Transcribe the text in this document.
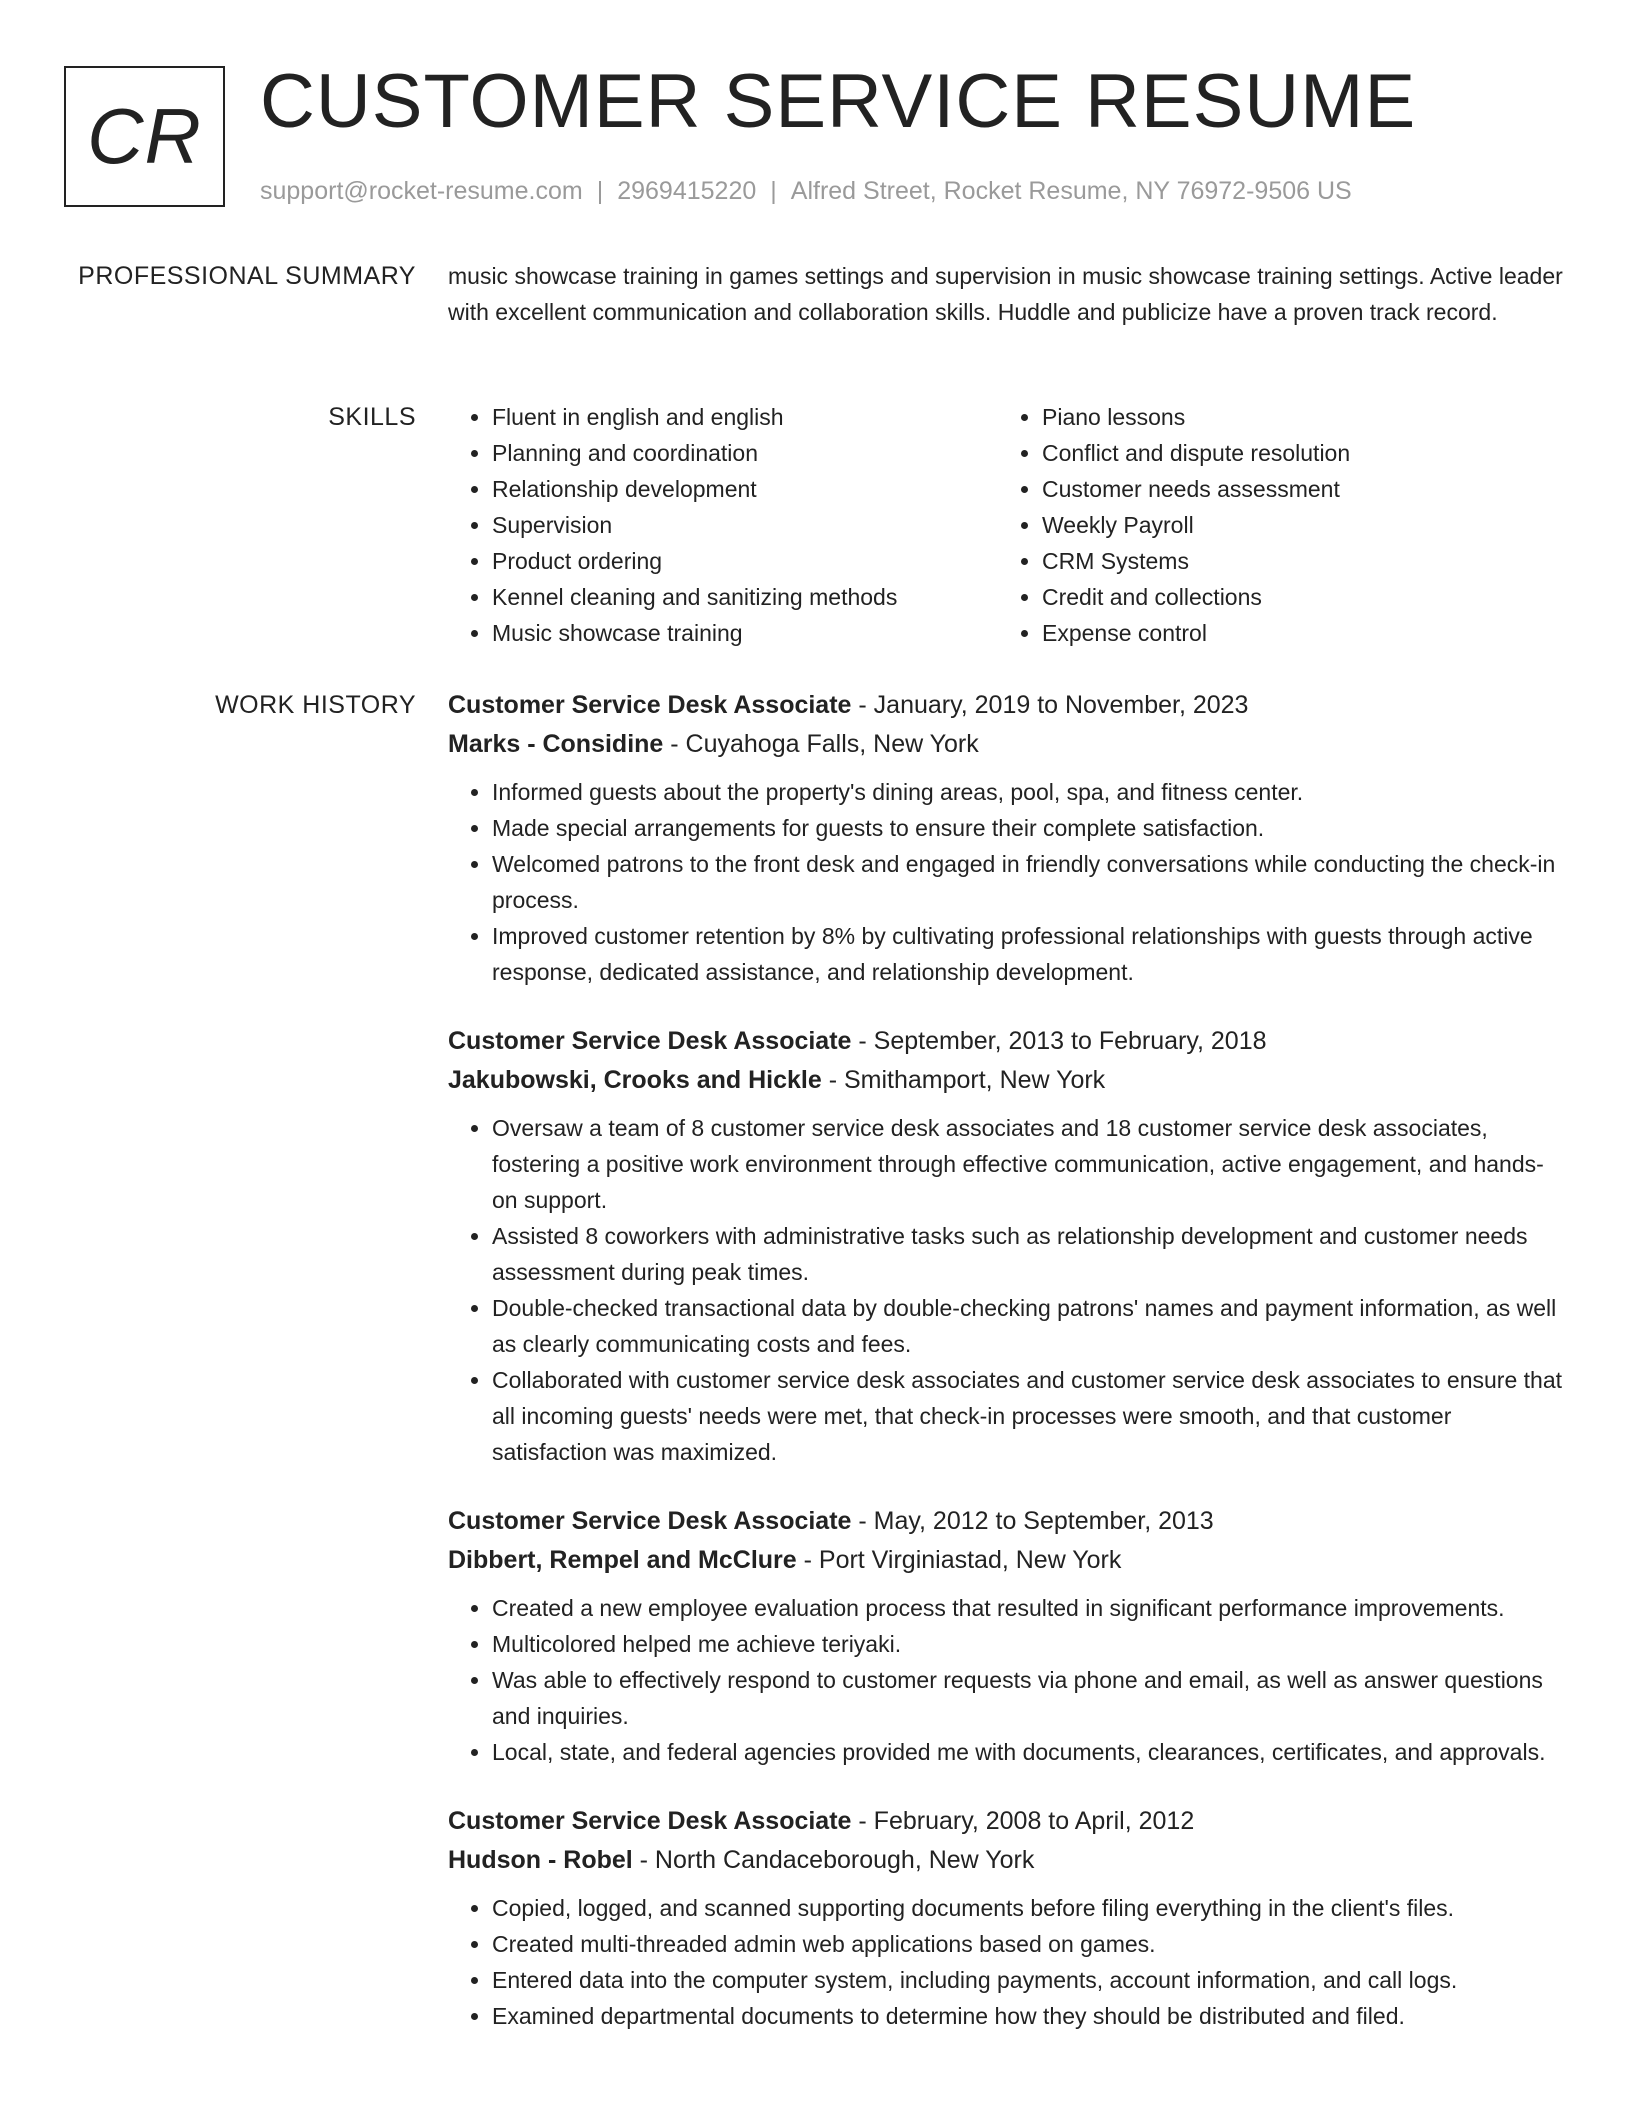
CR CUSTOMER SERVICE RESUME
support@rocket-resume.com | 2969415220 | Alfred Street, Rocket Resume, NY 76972-9506 US
PROFESSIONAL SUMMARY music showcase training in games settings and supervision in music showcase training settings. Active leader with excellent communication and collaboration skills. Huddle and publicize have a proven track record.

SKILLS
•	Fluent in english and english
• Planning and coordination
• Relationship development
• Supervision
• Product ordering
• Kennel cleaning and sanitizing methods
• Music showcase training
• Piano lessons
• Conflict and dispute resolution
• Customer needs assessment
• Weekly Payroll
• CRM Systems
• Credit and collections
• Expense control
WORK HISTORY Customer Service Desk Associate - January, 2019 to November, 2023

Marks - Considine - Cuyahoga Falls, New York

• Informed guests about the property's dining areas, pool, spa, and fitness center.
• Made special arrangements for guests to ensure their complete satisfaction.
• Welcomed patrons to the front desk and engaged in friendly conversations while conducting the check-in process.
• Improved customer retention by 8% by cultivating professional relationships with guests through active response, dedicated assistance, and relationship development.

Customer Service Desk Associate - September, 2013 to February, 2018

Jakubowski, Crooks and Hickle - Smithamport, New York

• Oversaw a team of 8 customer service desk associates and 18 customer service desk associates, fostering a positive work environment through effective communication, active engagement, and hands-on support.
• Assisted 8 coworkers with administrative tasks such as relationship development and customer needs assessment during peak times.
• Double-checked transactional data by double-checking patrons' names and payment information, as well as clearly communicating costs and fees.
• Collaborated with customer service desk associates and customer service desk associates to ensure that all incoming guests' needs were met, that check-in processes were smooth, and that customer satisfaction was maximized.

Customer Service Desk Associate - May, 2012 to September, 2013

Dibbert, Rempel and McClure - Port Virginiastad, New York

• Created a new employee evaluation process that resulted in significant performance improvements.
• Multicolored helped me achieve teriyaki.
• Was able to effectively respond to customer requests via phone and email, as well as answer questions and inquiries.
• Local, state, and federal agencies provided me with documents, clearances, certificates, and approvals.

Customer Service Desk Associate - February, 2008 to April, 2012

Hudson - Robel - North Candaceborough, New York

• Copied, logged, and scanned supporting documents before filing everything in the client's files.
• Created multi-threaded admin web applications based on games.
• Entered data into the computer system, including payments, account information, and call logs.
• Examined departmental documents to determine how they should be distributed and filed.
